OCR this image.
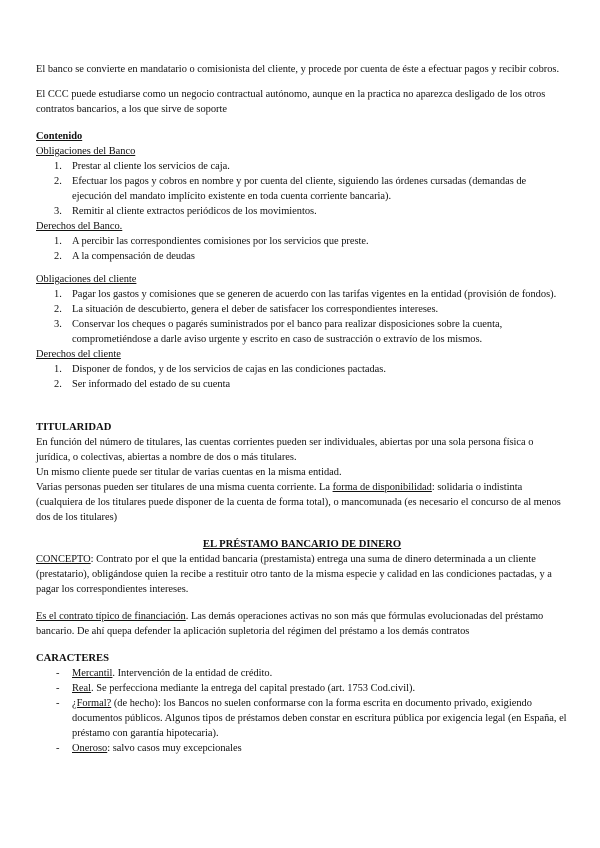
El banco se convierte en mandatario o comisionista del cliente, y procede por cuenta de éste a efectuar pagos y recibir cobros.

El CCC puede estudiarse como un negocio contractual autónomo, aunque en la practica no aparezca desligado de los otros contratos bancarios, a los que sirve de soporte

Contenido

Obligaciones del Banco

1. Prestar al cliente los servicios de caja.
2. Efectuar los pagos y cobros en nombre y por cuenta del cliente, siguiendo las órdenes cursadas (demandas de ejecución del mandato implícito existente en toda cuenta corriente bancaria).
3. Remitir al cliente extractos periódicos de los movimientos.

Derechos del Banco.

1. A percibir las correspondientes comisiones por los servicios que preste.
2. A la compensación de deudas

Obligaciones del cliente

1. Pagar los gastos y comisiones que se generen de acuerdo con las tarifas vigentes en la entidad (provisión de fondos).
2. La situación de descubierto, genera el deber de satisfacer los correspondientes intereses.
3. Conservar los cheques o pagarés suministrados por el banco para realizar disposiciones sobre la cuenta, comprometiéndose a darle aviso urgente y escrito en caso de sustracción o extravío de los mismos.

Derechos del cliente

1. Disponer de fondos, y de los servicios de cajas en las condiciones pactadas.
2. Ser informado del estado de su cuenta

TITULARIDAD

En función del número de titulares, las cuentas corrientes pueden ser individuales, abiertas por una sola persona física o jurídica, o colectivas, abiertas a nombre de dos o más titulares.

Un mismo cliente puede ser titular de varias cuentas en la misma entidad.

Varias personas pueden ser titulares de una misma cuenta corriente. La forma de disponibilidad: solidaria o indistinta (cualquiera de los titulares puede disponer de la cuenta de forma total), o mancomunada (es necesario el concurso de al menos dos de los titulares)

EL PRÉSTAMO BANCARIO DE DINERO

CONCEPTO: Contrato por el que la entidad bancaria (prestamista) entrega una suma de dinero determinada a un cliente (prestatario), obligándose quien la recibe a restituir otro tanto de la misma especie y calidad en las condiciones pactadas, y a pagar los correspondientes intereses.

Es el contrato típico de financiación. Las demás operaciones activas no son más que fórmulas evolucionadas del préstamo

bancario. De ahí quepa defender la aplicación supletoria del régimen del préstamo a los demás contratos

CARACTERES

- Mercantil. Intervención de la entidad de crédito.
- Real. Se perfecciona mediante la entrega del capital prestado (art. 1753 Cod.civil).
- ¿Formal? (de hecho): los Bancos no suelen conformarse con la forma escrita en documento privado, exigiendo documentos públicos. Algunos tipos de préstamos deben constar en escritura pública por exigencia legal (en España, el préstamo con garantía hipotecaria).
- Oneroso: salvo casos muy excepcionales
